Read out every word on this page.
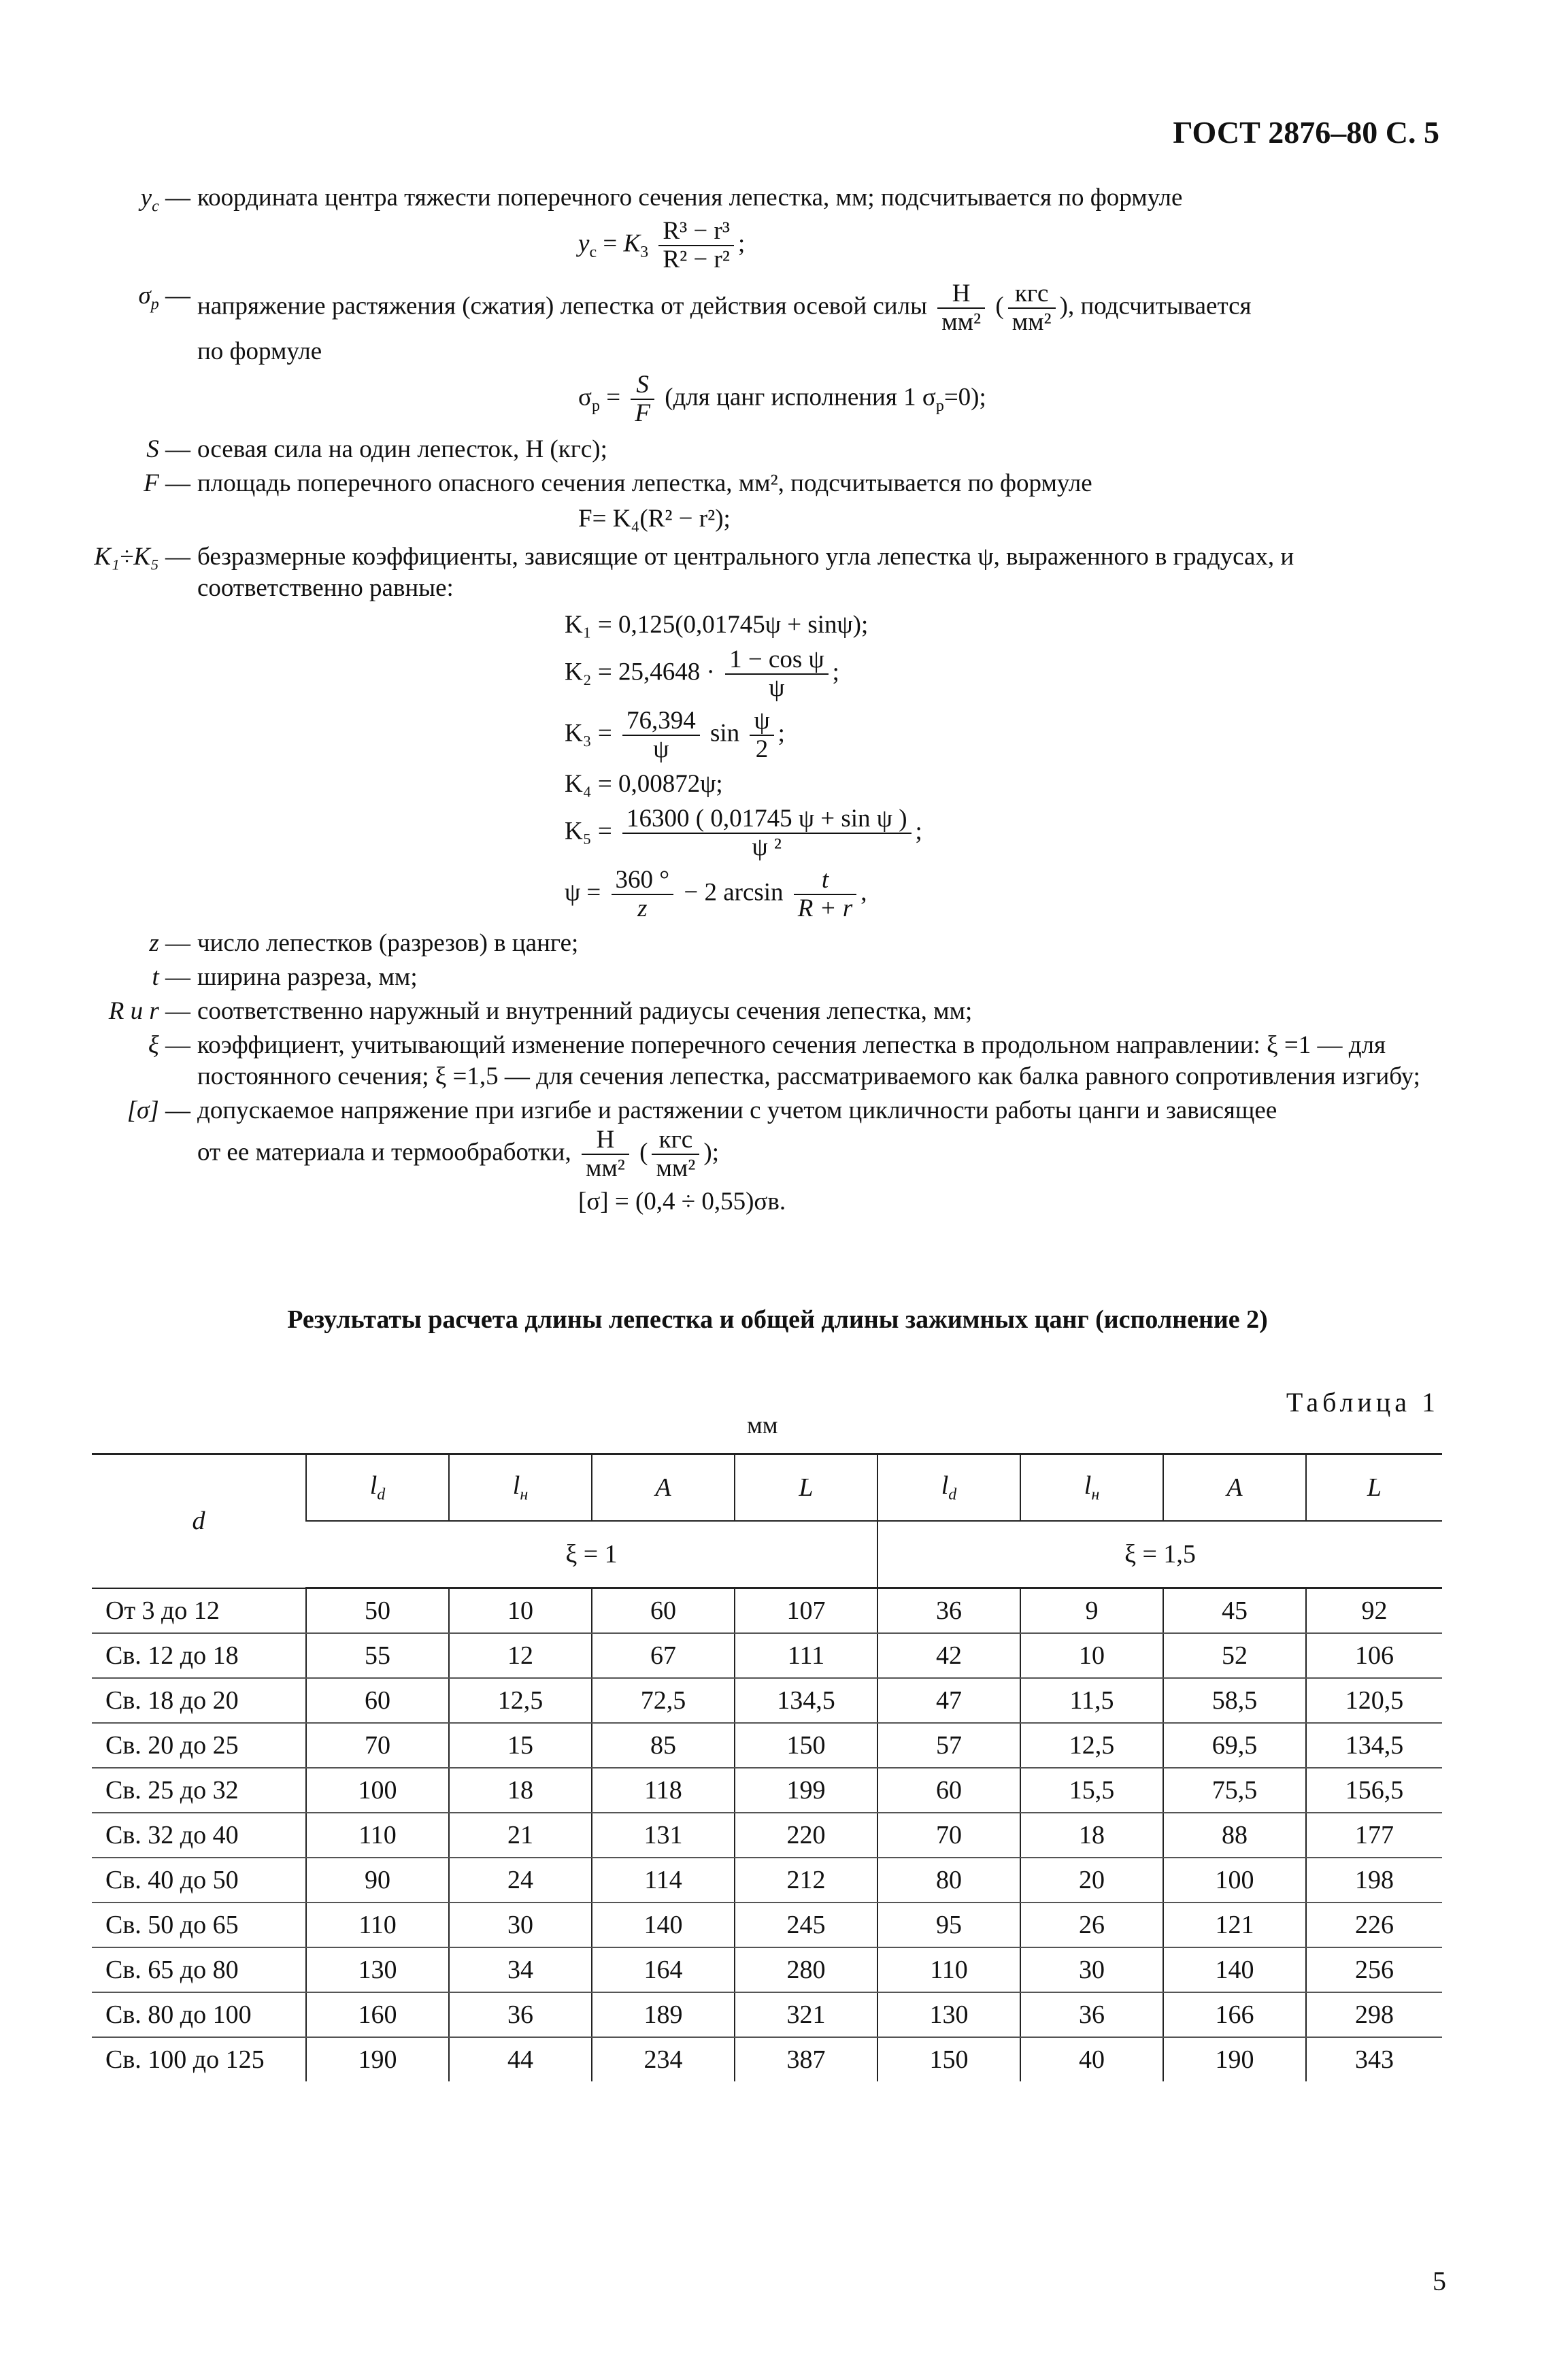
ГОСТ 2876–80 С. 5
$y_c$ — координата центра тяжести поперечного сечения лепестка, мм; подсчитывается по формуле
$y_c = K_3 \frac{\text{R³ − r³}}{\text{R² − r²}}$ ;
$\sigma_р$ — напряжение растяжения (сжатия) лепестка от действия осевой силы $\frac{Н}{\text{мм²}}$ ( $\frac{\text{кгс}}{\text{мм²}}$ ), подсчитывается
по формуле
$\sigma_р = \frac{S}{F} (для$ цанг исполнения 1 $\sigma_р=0$);
S — осевая сила на один лепесток, Н (кгс);
F — площадь поперечного опасного сечения лепестка, мм², подсчитывается по формуле
F= K₄(R² − r²);
K₁÷K₅ — безразмерные коэффициенты, зависящие от центрального угла лепестка ψ, выраженного в градусах, и соответственно равные:
K₁ = 0,125(0,01745ψ + sinψ);
$K_2 = 25,4648 \cdot \frac{\text{1 − cos ψ}}{\psi}$ ;
$K_3 = \frac{76,394}{\psi}$ $\sin \frac{\psi}{2}$ ;
K₄ = 0,00872ψ;
$K_5 = \frac{\text{16300 ( 0,01745 ψ + sin ψ )}}{\text{ψ ²}}$ ;
$\psi = \frac{360 ^\circ}{z} - 2$ $\arcsin \frac{t}{R + r}$ ,
z — число лепестков (разрезов) в цанге;
t — ширина разреза, мм;
R и r — соответственно наружный и внутренний радиусы сечения лепестка, мм;
ξ — коэффициент, учитывающий изменение поперечного сечения лепестка в продольном направлении: ξ =1 — для постоянного сечения; ξ =1,5 — для сечения лепестка, рассматриваемого как балка равного сопротивления изгибу;
[σ] — допускаемое напряжение при изгибе и растяжении с учетом цикличности работы цанги и зависящее
от ее материала и термообработки, $\frac{Н}{\text{мм²}}$ ( $\frac{\text{кгс}}{\text{мм²}}$ );
[σ] = (0,4 ÷ 0,55)σв.
Результаты расчета длины лепестка и общей длины зажимных цанг (исполнение 2)
Таблица 1
мм
d	$l_d$	$l_н$	A	L	$l_d$	$l_н$	A	L
	ξ = 1				ξ = 1,5			
От 3 до 12	50	10	60	107	36	9	45	92
Св. 12 до 18	55	12	67	111	42	10	52	106
Св. 18 до 20	60	12,5	72,5	134,5	47	11,5	58,5	120,5
Св. 20 до 25	70	15	85	150	57	12,5	69,5	134,5
Св. 25 до 32	100	18	118	199	60	15,5	75,5	156,5
Св. 32 до 40	110	21	131	220	70	18	88	177
Св. 40 до 50	90	24	114	212	80	20	100	198
Св. 50 до 65	110	30	140	245	95	26	121	226
Св. 65 до 80	130	34	164	280	110	30	140	256
Св. 80 до 100	160	36	189	321	130	36	166	298
Св. 100 до 125	190	44	234	387	150	40	190	343
5
